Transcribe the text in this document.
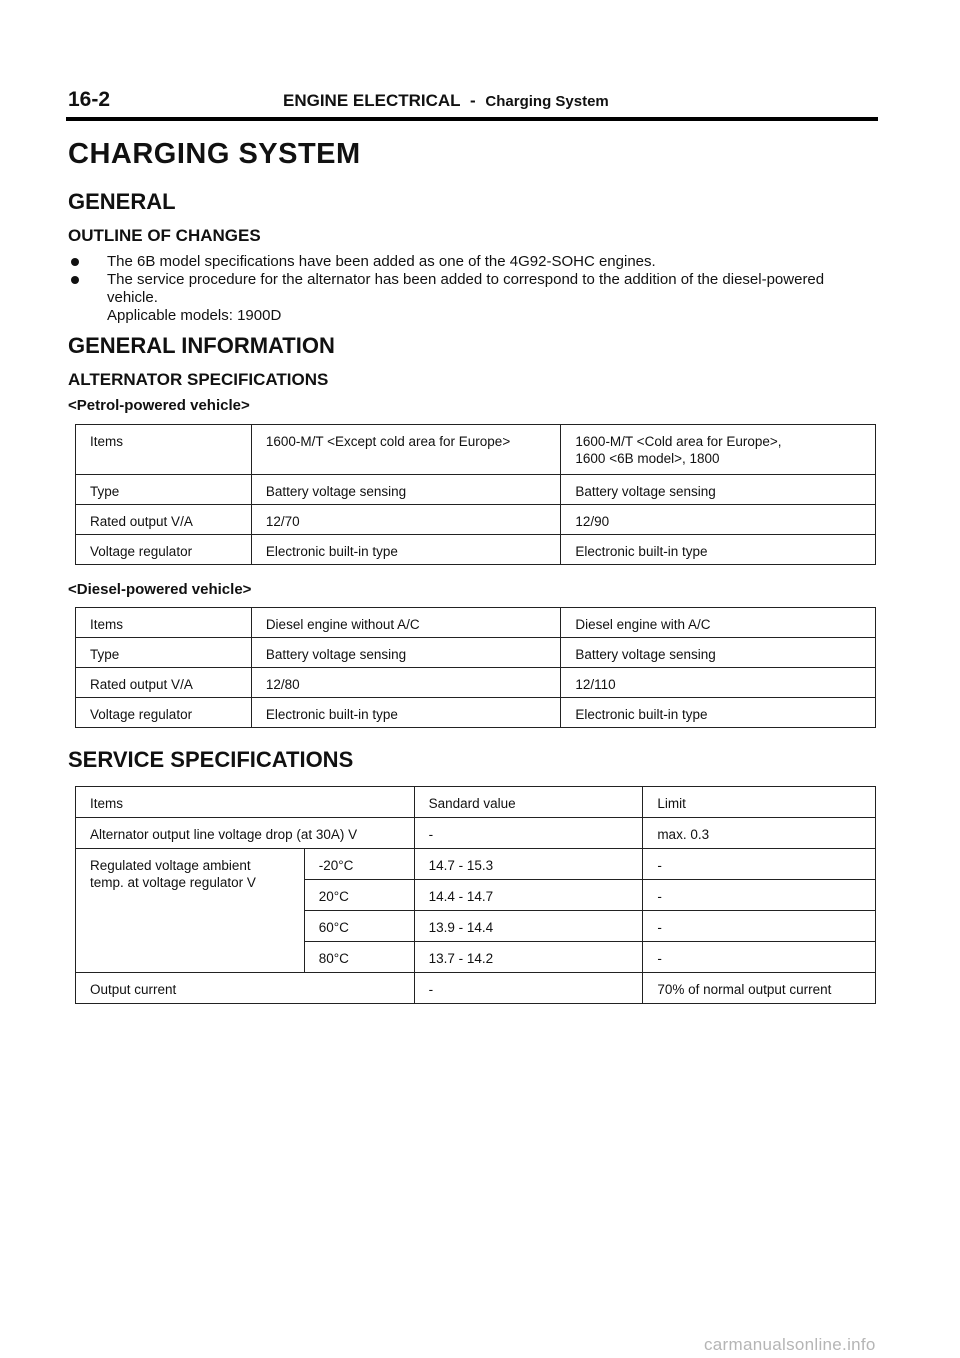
16-2	ENGINE ELECTRICAL - Charging System
CHARGING SYSTEM
GENERAL
OUTLINE OF CHANGES
The 6B model specifications have been added as one of the 4G92-SOHC engines.
The service procedure for the alternator has been added to correspond to the addition of the diesel-powered vehicle.
Applicable models: 1900D
GENERAL INFORMATION
ALTERNATOR SPECIFICATIONS
<Petrol-powered vehicle>
Items	1600-M/T <Except cold area for Europe>	1600-M/T <Cold area for Europe>,
1600 <6B model>, 1800

Type	Battery voltage sensing	Battery voltage sensing
Rated output V/A	12/70	12/90
Voltage regulator	Electronic built-in type	Electronic built-in type
<Diesel-powered vehicle>
Items	Diesel engine without A/C	Diesel engine with A/C
Type	Battery voltage sensing	Battery voltage sensing
Rated output V/A	12/80	12/110
Voltage regulator	Electronic built-in type	Electronic built-in type
SERVICE SPECIFICATIONS
Items		Sandard value	Limit
Alternator output line voltage drop (at 30A) V		-	max. 0.3

Regulated voltage ambient
temp. at voltage regulator V	-20°C	14.7 - 15.3	-
	20°C	14.4 - 14.7	-
	60°C	13.9 - 14.4	-
	80°C	13.7 - 14.2	-
Output current		-	70% of normal output current
carmanualsonline.info
